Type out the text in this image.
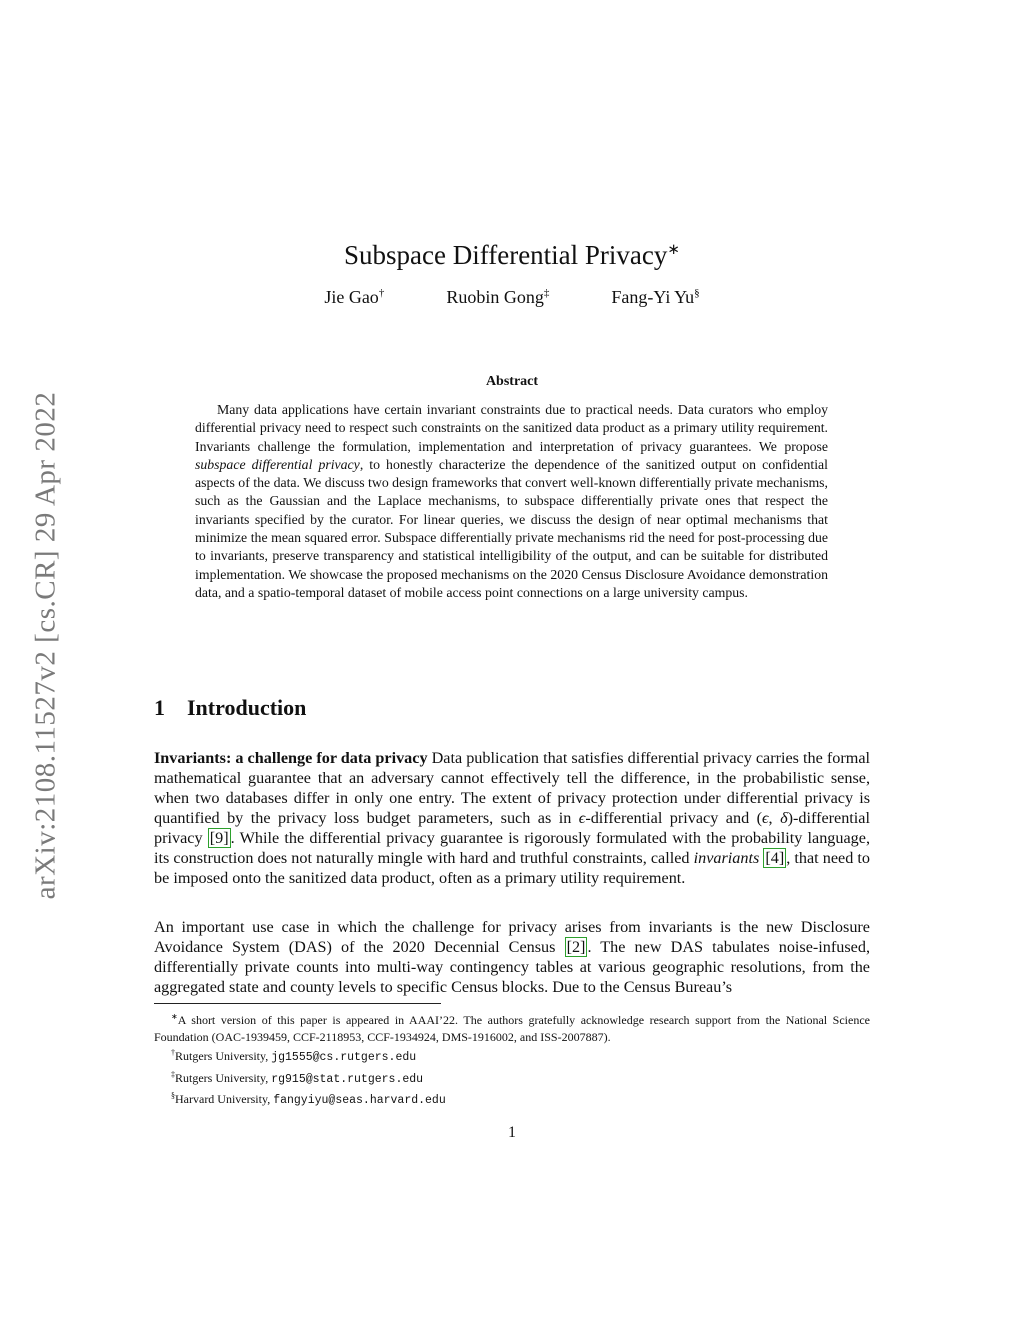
arXiv:2108.11527v2 [cs.CR] 29 Apr 2022
Subspace Differential Privacy∗
Jie Gao†	Ruobin Gong‡	Fang-Yi Yu§
Abstract

Many data applications have certain invariant constraints due to practical needs. Data curators who employ differential privacy need to respect such constraints on the sanitized data product as a primary utility requirement. Invariants challenge the formulation, implementation and interpretation of privacy guarantees. We propose subspace differential privacy, to honestly characterize the dependence of the sanitized output on confidential aspects of the data. We discuss two design frameworks that convert well-known differentially private mechanisms, such as the Gaussian and the Laplace mechanisms, to subspace differentially private ones that respect the invariants specified by the curator. For linear queries, we discuss the design of near optimal mechanisms that minimize the mean squared error. Subspace differentially private mechanisms rid the need for post-processing due to invariants, preserve transparency and statistical intelligibility of the output, and can be suitable for distributed implementation. We showcase the proposed mechanisms on the 2020 Census Disclosure Avoidance demonstration data, and a spatio-temporal dataset of mobile access point connections on a large university campus.

1 Introduction

Invariants: a challenge for data privacy Data publication that satisfies differential privacy carries the formal mathematical guarantee that an adversary cannot effectively tell the difference, in the probabilistic sense, when two databases differ in only one entry. The extent of privacy protection under differential privacy is quantified by the privacy loss budget parameters, such as in ϵ-differential privacy and (ϵ, δ)-differential privacy [9] . While the differential privacy guarantee is rigorously formulated with the probability language, its construction does not naturally mingle with hard and truthful constraints, called invariants [4] , that need to be imposed onto the sanitized data product, often as a primary utility requirement.

An important use case in which the challenge for privacy arises from invariants is the new Disclosure Avoidance System (DAS) of the 2020 Decennial Census [2] . The new DAS tabulates noise-infused, differentially private counts into multi-way contingency tables at various geographic resolutions, from the aggregated state and county levels to specific Census blocks. Due to the Census Bureau’s

∗A short version of this paper is appeared in AAAI’22. The authors gratefully acknowledge research support from the National Science Foundation (OAC-1939459, CCF-2118953, CCF-1934924, DMS-1916002, and ISS-2007887).
†Rutgers University, jg1555@cs.rutgers.edu
‡Rutgers University, rg915@stat.rutgers.edu
§Harvard University, fangyiyu@seas.harvard.edu
1
